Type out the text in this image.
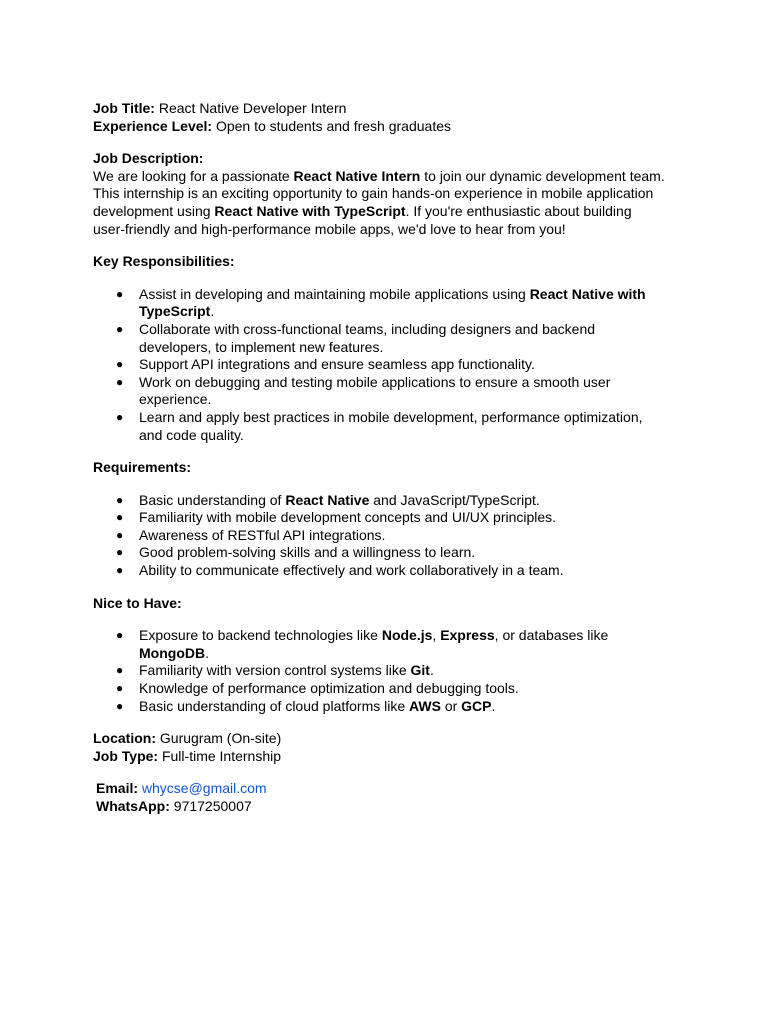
Job Title: React Native Developer Intern
Experience Level: Open to students and fresh graduates
Job Description:
We are looking for a passionate React Native Intern to join our dynamic development team.
This internship is an exciting opportunity to gain hands-on experience in mobile application
development using React Native with TypeScript. If you're enthusiastic about building
user-friendly and high-performance mobile apps, we'd love to hear from you!
Key Responsibilities:
● Assist in developing and maintaining mobile applications using React Native with
TypeScript.
● Collaborate with cross-functional teams, including designers and backend
developers, to implement new features.
● Support API integrations and ensure seamless app functionality.
● Work on debugging and testing mobile applications to ensure a smooth user
experience.
● Learn and apply best practices in mobile development, performance optimization,
and code quality.
Requirements:
● Basic understanding of React Native and JavaScript/TypeScript.
● Familiarity with mobile development concepts and UI/UX principles.
● Awareness of RESTful API integrations.
● Good problem-solving skills and a willingness to learn.
● Ability to communicate effectively and work collaboratively in a team.
Nice to Have:
● Exposure to backend technologies like Node.js, Express, or databases like
MongoDB.
● Familiarity with version control systems like Git.
● Knowledge of performance optimization and debugging tools.
● Basic understanding of cloud platforms like AWS or GCP.
Location: Gurugram (On-site)
Job Type: Full-time Internship
Email: whycse@gmail.com
WhatsApp: 9717250007
